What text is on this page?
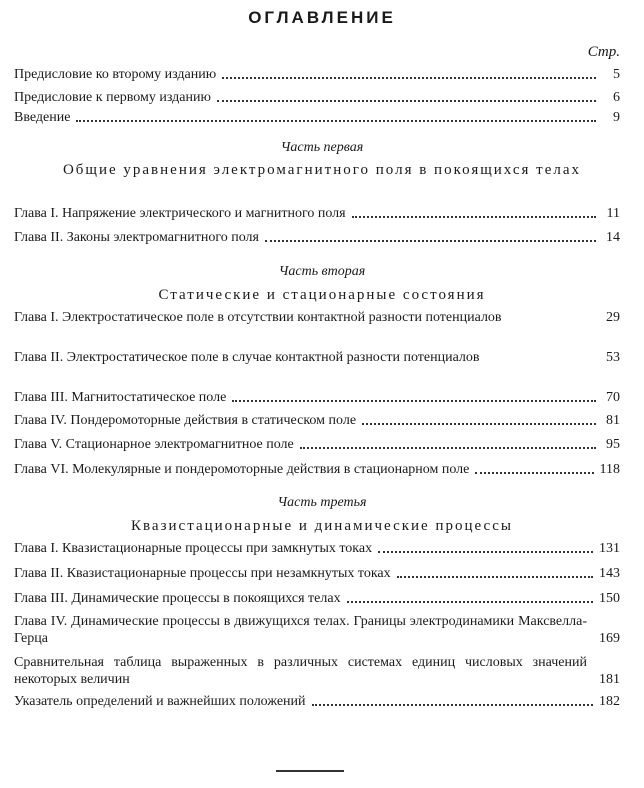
ОГЛАВЛЕНИЕ
Стр.
Предисловие ко второму изданию	5
Предисловие к первому изданию	6
Введение	9
Часть первая
Общие уравнения электромагнитного поля в покоящихся телах
Глава I. Напряжение электрического и магнитного поля	11
Глава II. Законы электромагнитного поля	14
Часть вторая
Статические и стационарные состояния
Глава I. Электростатическое поле в отсутствии контактной разности потенциалов	29
Глава II. Электростатическое поле в случае контактной разности потенциалов	53
Глава III. Магнитостатическое поле	70
Глава IV. Пондеромоторные действия в статическом поле	81
Глава V. Стационарное электромагнитное поле	95
Глава VI. Молекулярные и пондеромоторные действия в стационарном поле	118
Часть третья
Квазистационарные и динамические процессы
Глава I. Квазистационарные процессы при замкнутых токах	131
Глава II. Квазистационарные процессы при незамкнутых токах	143
Глава III. Динамические процессы в покоящихся телах	150
Глава IV. Динамические процессы в движущихся телах. Границы электродинамики Максвелла-Герца	169
Сравнительная таблица выраженных в различных системах единиц числовых значений некоторых величин	181
Указатель определений и важнейших положений	182
